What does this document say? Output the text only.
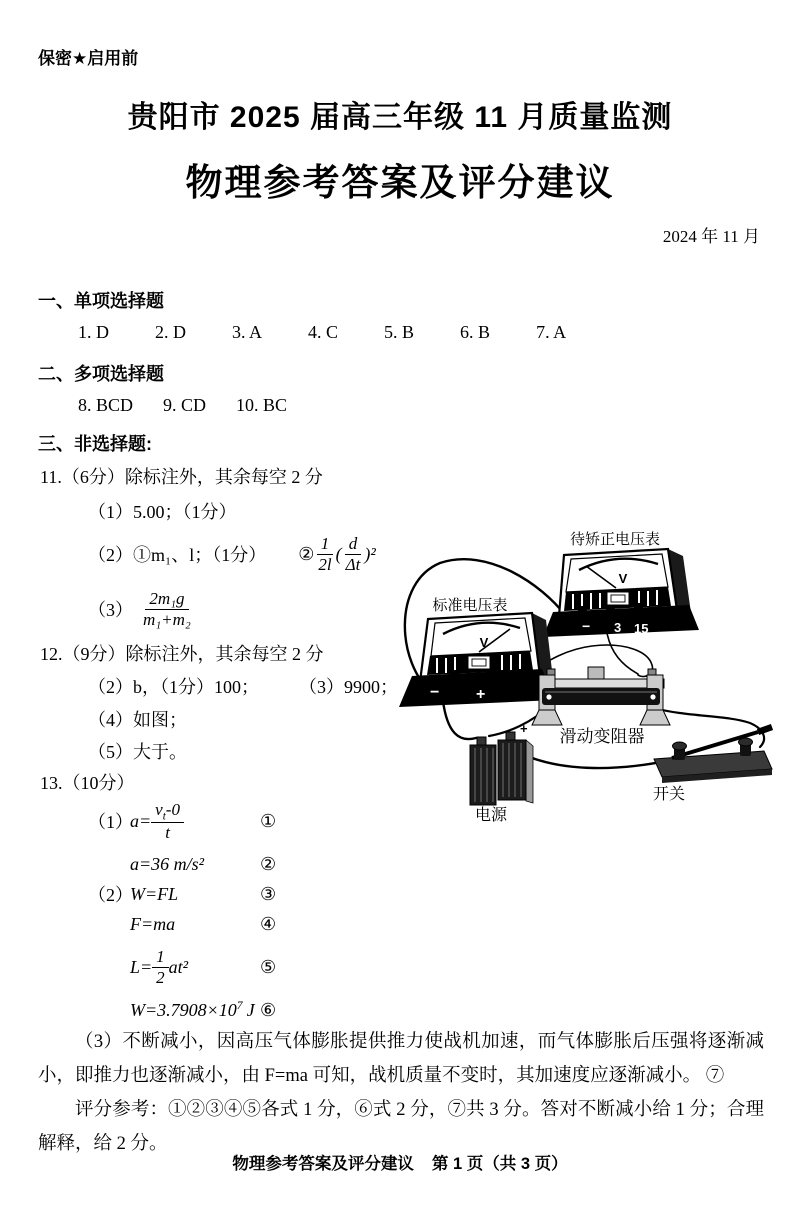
保密★启用前
贵阳市 2025 届高三年级 11 月质量监测
物理参考答案及评分建议
2024 年 11 月
一、单项选择题
1. D	2. D	3. A	4. C	5. B	6. B	7. A
二、多项选择题
8. BCD 9. CD 10. BC
三、非选择题:
11.（6分）除标注外，其余每空 2 分
（1）5.00；（1分）
（2）①m₁、l；（1分） ② $\frac{1}{2l}$ ( $\frac{d}{\Delta t} )^2$
$(3) \frac{\text{2m₁g}}{\text{m₁+m₂}}$
12.（9分）除标注外，其余每空 2 分
（2）b，（1分）100； （3）9900；
（4）如图；
（5）大于。
13.（10分）
（1）
$a= \frac{v_t-0}{t}$	①
a=36 m/s²	②
（2）
W=FL	③
F=ma	④
$L= \frac{1}{2} at^2$	⑤
$W=3.7908\times 10^7$ J ⑥

（3）不断减小，因高压气体膨胀提供推力使战机加速，而气体膨胀后压强将逐渐减小，即推力也逐渐减小，由 F=ma 可知，战机质量不变时，其加速度应逐渐减小。 ⑦

评分参考：①②③④⑤各式 1 分，⑥式 2 分，⑦共 3 分。答对不断减小给 1 分；合理解释，给 2 分。

物理参考答案及评分建议 第 1 页（共 3 页）
待矫正电压表
V
− 3 15
标准电压表
V
− +
滑动变阻器
+
电源
开关
